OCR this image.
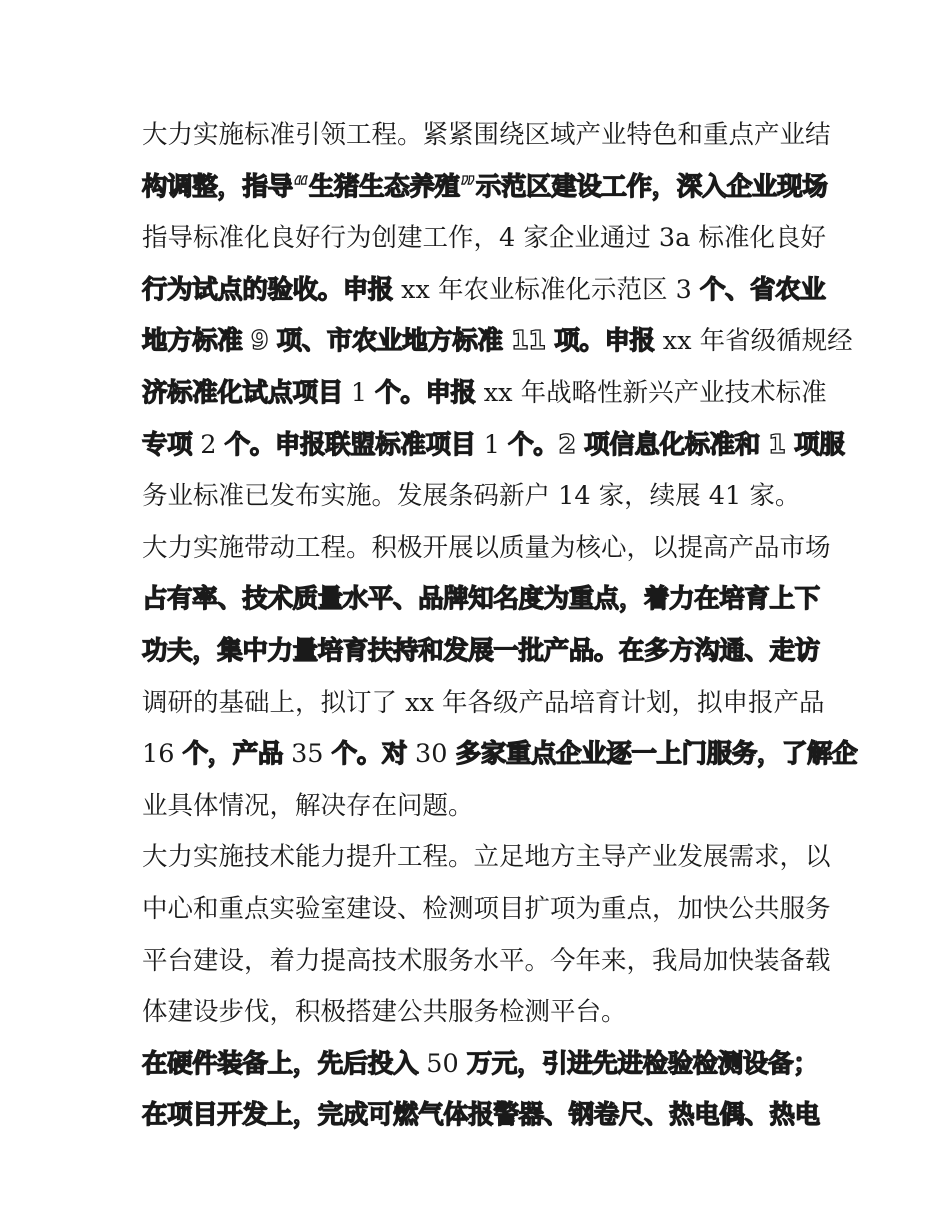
大力实施标准引领工程。紧紧围绕区域产业特色和重点产业结
构调整，指导“生猪生态养殖”示范区建设工作，深入企业现场
指导标准化良好行为创建工作，4 家企业通过 3a 标准化良好
行为试点的验收。申报 xx 年农业标准化示范区 3 个、省农业
地方标准 9 项、市农业地方标准 11 项。申报 xx 年省级循规经
济标准化试点项目 1 个。申报 xx 年战略性新兴产业技术标准
专项 2 个。申报联盟标准项目 1 个。2 项信息化标准和 1 项服
务业标准已发布实施。发展条码新户 14 家，续展 41 家。
大力实施带动工程。积极开展以质量为核心，以提高产品市场
占有率、技术质量水平、品牌知名度为重点，着力在培育上下
功夫，集中力量培育扶持和发展一批产品。在多方沟通、走访
调研的基础上，拟订了 xx 年各级产品培育计划，拟申报产品
16 个，产品 35 个。对 30 多家重点企业逐一上门服务，了解企
业具体情况，解决存在问题。
大力实施技术能力提升工程。立足地方主导产业发展需求，以
中心和重点实验室建设、检测项目扩项为重点，加快公共服务
平台建设，着力提高技术服务水平。今年来，我局加快装备载
体建设步伐，积极搭建公共服务检测平台。
在硬件装备上，先后投入 50 万元，引进先进检验检测设备；
在项目开发上，完成可燃气体报警器、钢卷尺、热电偶、热电
